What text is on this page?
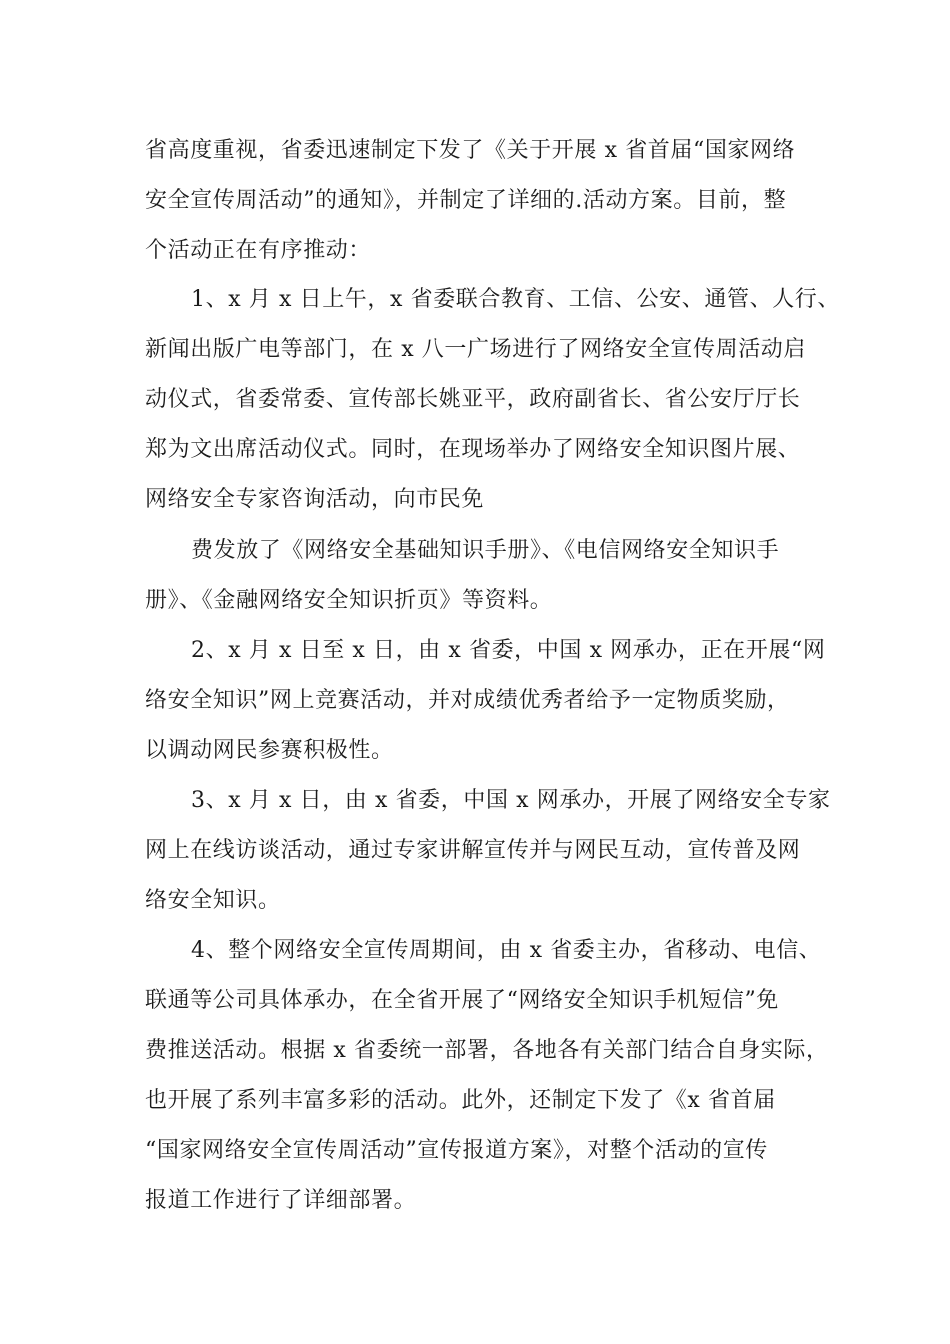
省高度重视，省委迅速制定下发了《关于开展 x 省首届“国家网络
安全宣传周活动”的通知》，并制定了详细的.活动方案。目前，整
个活动正在有序推动：
1、x 月 x 日上午，x 省委联合教育、工信、公安、通管、人行、
新闻出版广电等部门，在 x 八一广场进行了网络安全宣传周活动启
动仪式，省委常委、宣传部长姚亚平，政府副省长、省公安厅厅长
郑为文出席活动仪式。同时，在现场举办了网络安全知识图片展、
网络安全专家咨询活动，向市民免
费发放了《网络安全基础知识手册》、《电信网络安全知识手
册》、《金融网络安全知识折页》等资料。
2、x 月 x 日至 x 日，由 x 省委，中国 x 网承办，正在开展“网
络安全知识”网上竞赛活动，并对成绩优秀者给予一定物质奖励，
以调动网民参赛积极性。
3、x 月 x 日，由 x 省委，中国 x 网承办，开展了网络安全专家
网上在线访谈活动，通过专家讲解宣传并与网民互动，宣传普及网
络安全知识。
4、整个网络安全宣传周期间，由 x 省委主办，省移动、电信、
联通等公司具体承办，在全省开展了“网络安全知识手机短信”免
费推送活动。根据 x 省委统一部署，各地各有关部门结合自身实际，
也开展了系列丰富多彩的活动。此外，还制定下发了《x 省首届
“国家网络安全宣传周活动”宣传报道方案》，对整个活动的宣传
报道工作进行了详细部署。
